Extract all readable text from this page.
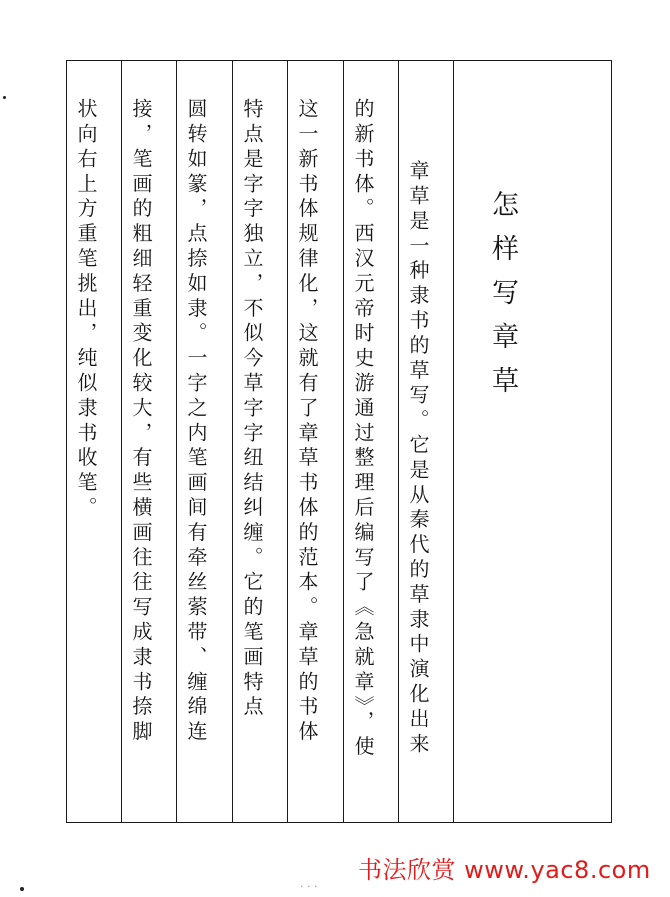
怎样写章草
章草是一种隶书的草写。它是从秦代的草隶中演化出来
的新书体。西汉元帝时史游通过整理后编写了《急就章》，使
这一新书体规律化，这就有了章草书体的范本。章草的书体
特点是字字独立，不似今草字字纽结纠缠。它的笔画特点
圆转如篆，点捺如隶。一字之内笔画间有牵丝萦带、缠绵连
接，笔画的粗细轻重变化较大，有些横画往往写成隶书捺脚
状向右上方重笔挑出，纯似隶书收笔。
· · ·
书法欣赏 www.yac8.com
